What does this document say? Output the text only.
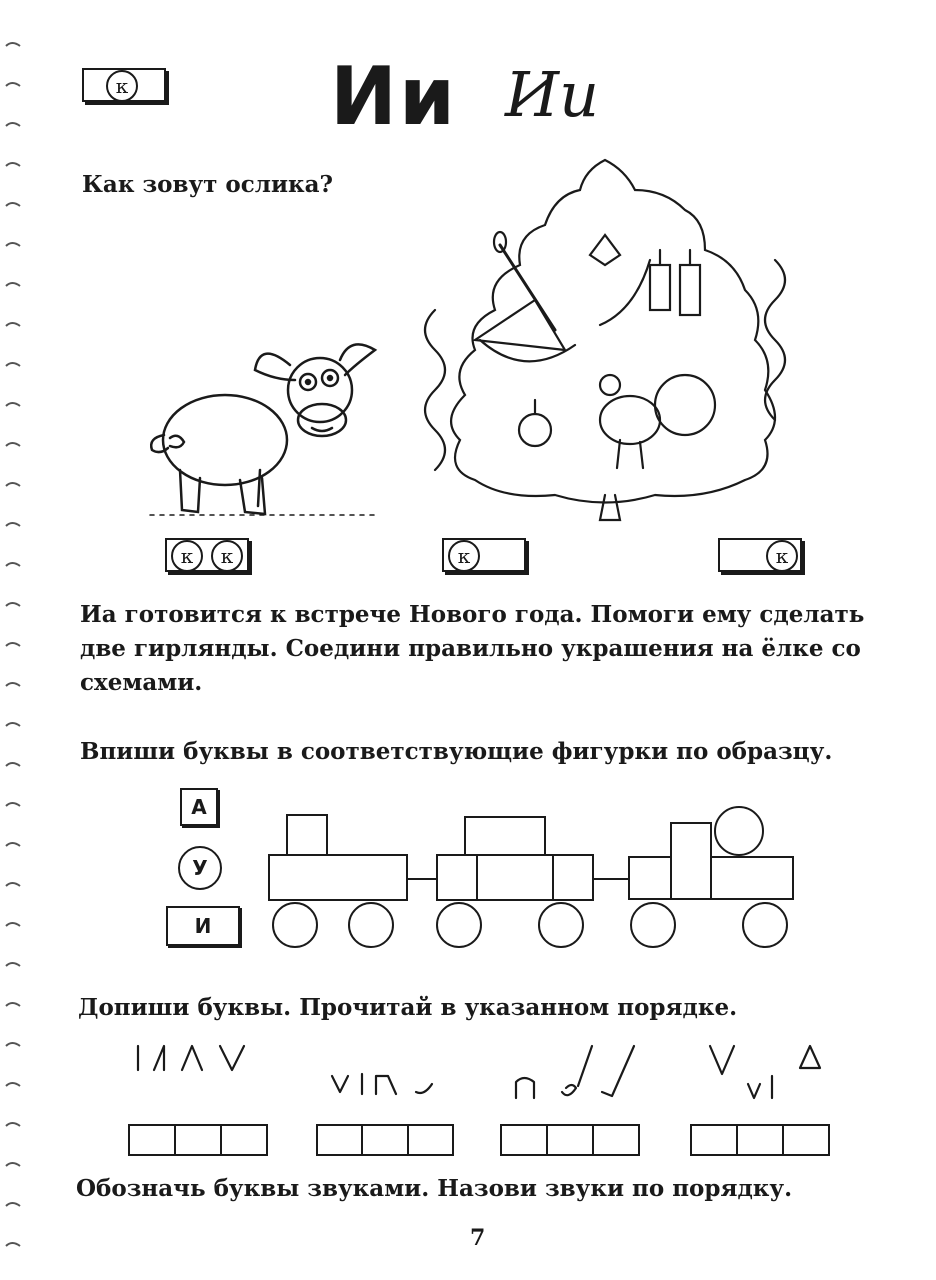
к	Ии Ии
Как зовут ослика?
к	к	к	к
Иа готовится к встрече Нового года. Помоги ему сделать две гирлянды. Соедини правильно украшения на ёлке со схемами.
Впиши буквы в соответствующие фигурки по образцу.
А
У
И
Допиши буквы. Прочитай в указанном порядке.
Обозначь буквы звуками. Назови звуки по порядку.
7
